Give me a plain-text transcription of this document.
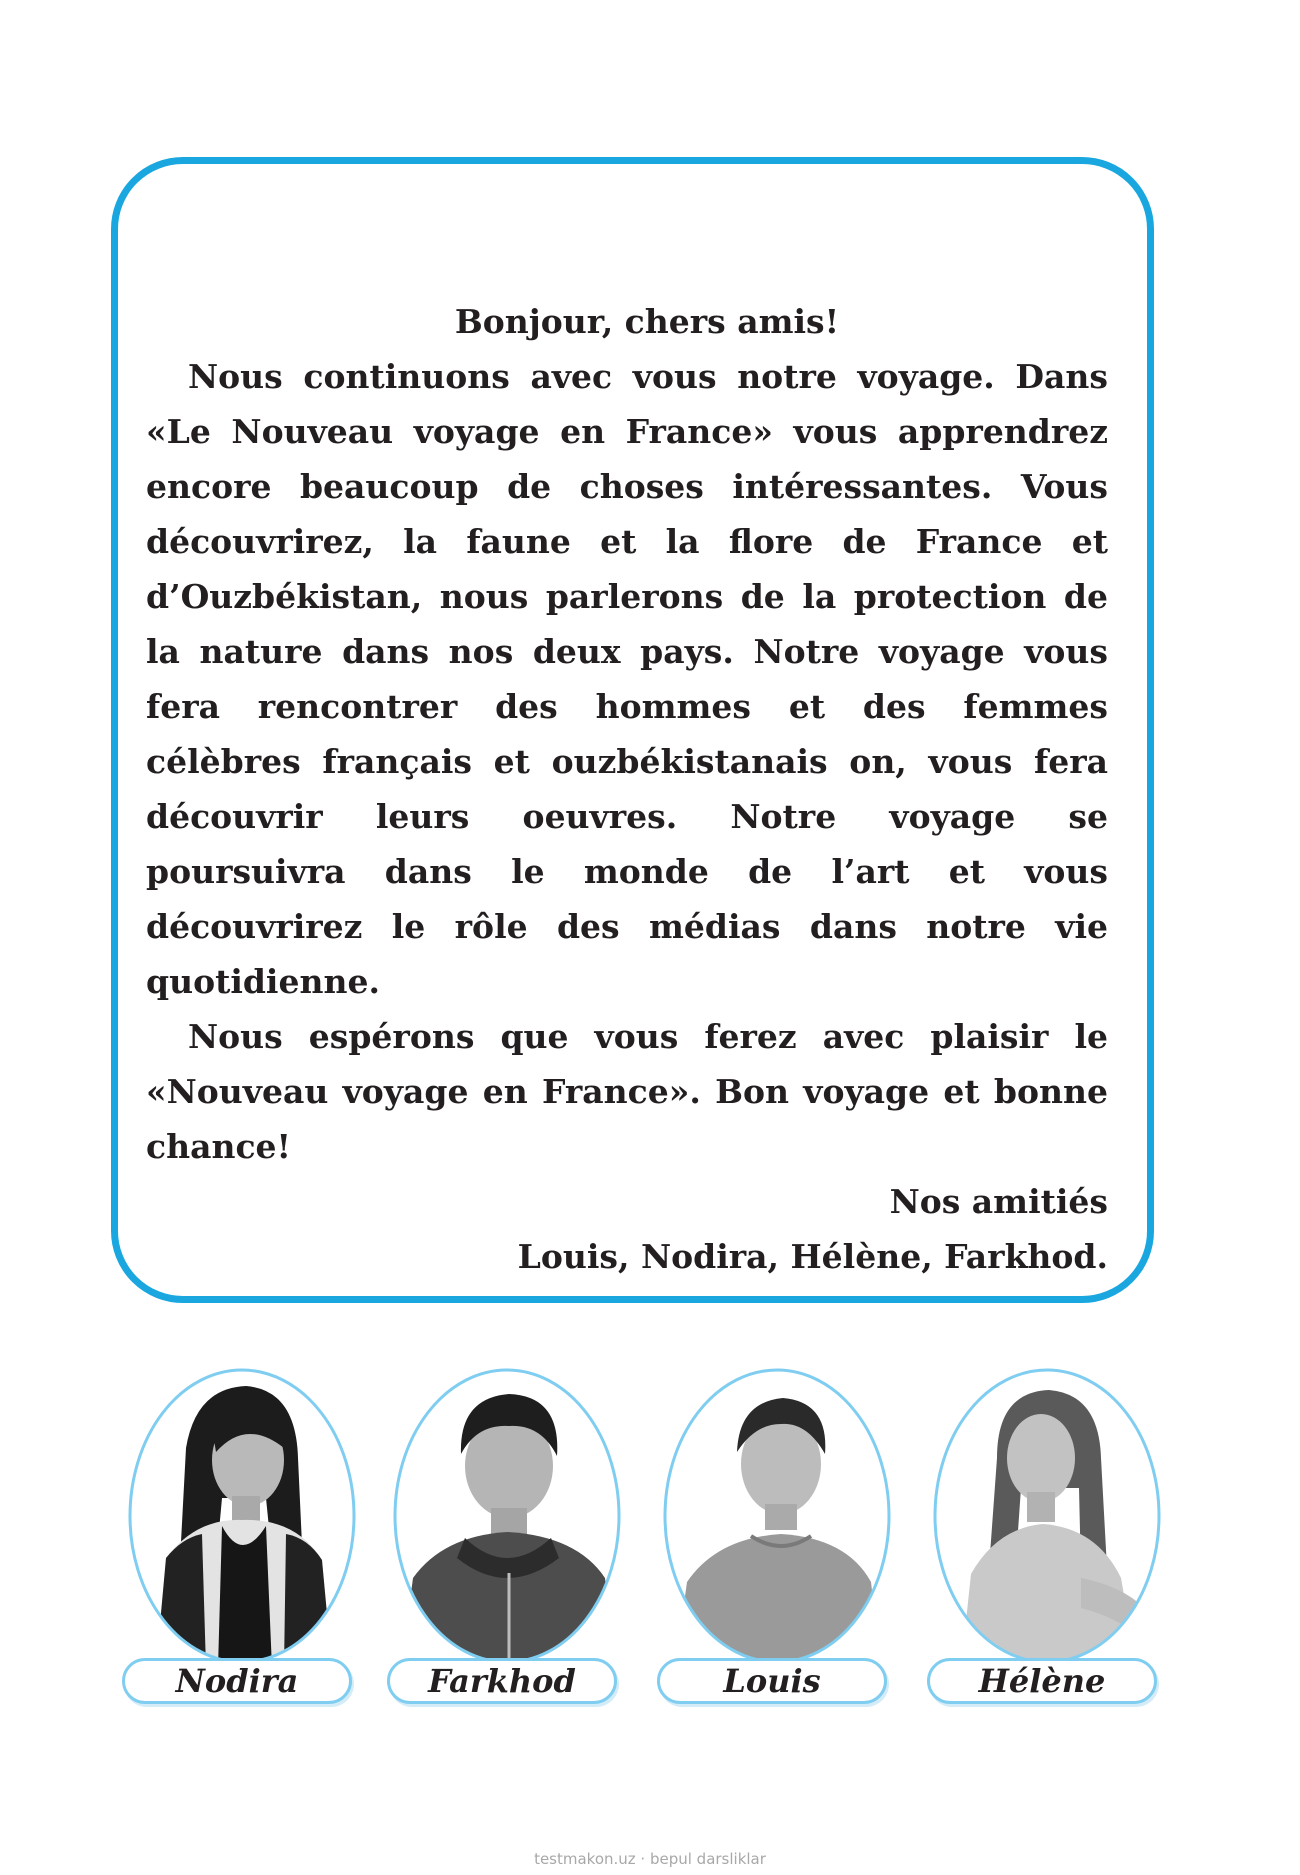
Bonjour, chers amis!

Nous continuons avec vous notre voyage. Dans «Le Nouveau voyage en France» vous apprendrez encore beaucoup de choses intéressantes. Vous découvrirez, la faune et la flore de France et d’Ouzbékistan, nous parlerons de la protection de la nature dans nos deux pays. Notre voyage vous fera rencontrer des hommes et des femmes célèbres français et ouzbékistanais on, vous fera découvrir leurs oeuvres. Notre voyage se poursuivra dans le monde de l’art et vous découvrirez le rôle des médias dans notre vie quotidienne.

Nous espérons que vous ferez avec plaisir le «Nouveau voyage en France». Bon voyage et bonne chance!

Nos amitiés

Louis, Nodira, Hélène, Farkhod.

Nodira	Farkhod	Louis	Hélène
testmakon.uz · bepul darsliklar
